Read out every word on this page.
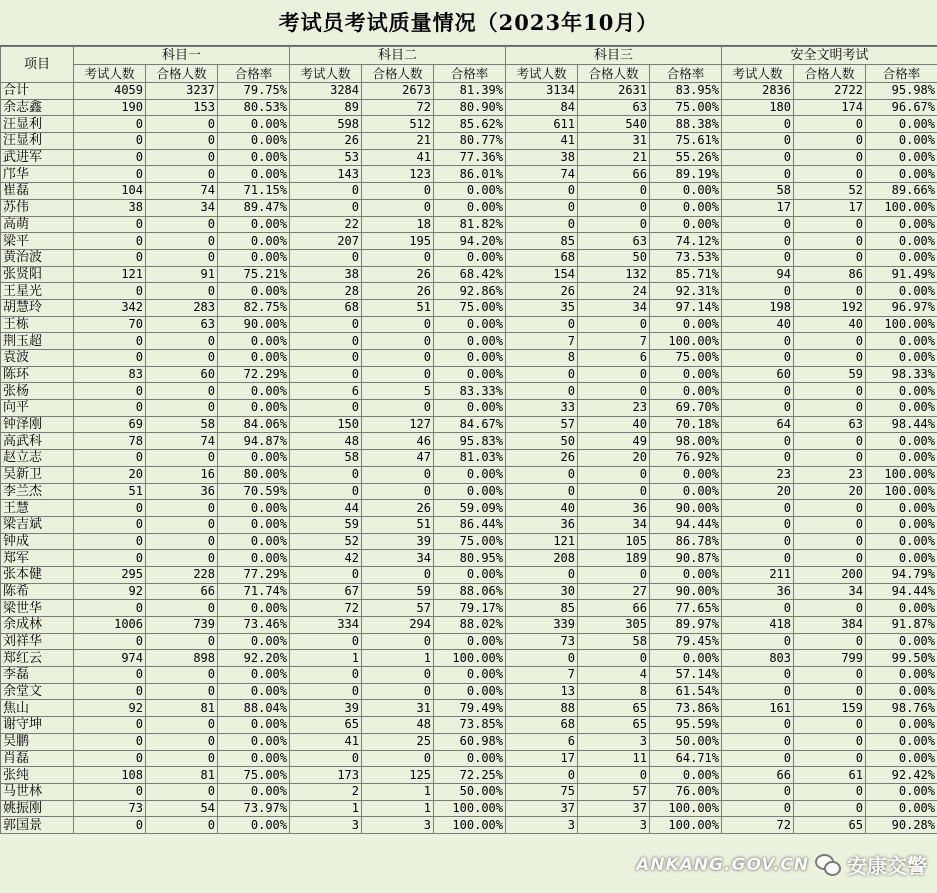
考试员考试质量情况（2023年10月）
项目	科目一			科目二			科目三			安全文明考试		
	考试人数	合格人数	合格率	考试人数	合格人数	合格率	考试人数	合格人数	合格率	考试人数	合格人数	合格率
合计	4059	3237	79.75%	3284	2673	81.39%	3134	2631	83.95%	2836	2722	95.98%
余志鑫	190	153	80.53%	89	72	80.90%	84	63	75.00%	180	174	96.67%
汪显利	0	0	0.00%	598	512	85.62%	611	540	88.38%	0	0	0.00%
汪显利	0	0	0.00%	26	21	80.77%	41	31	75.61%	0	0	0.00%
武进军	0	0	0.00%	53	41	77.36%	38	21	55.26%	0	0	0.00%
邝华	0	0	0.00%	143	123	86.01%	74	66	89.19%	0	0	0.00%
崔磊	104	74	71.15%	0	0	0.00%	0	0	0.00%	58	52	89.66%
苏伟	38	34	89.47%	0	0	0.00%	0	0	0.00%	17	17	100.00%
高萌	0	0	0.00%	22	18	81.82%	0	0	0.00%	0	0	0.00%
梁平	0	0	0.00%	207	195	94.20%	85	63	74.12%	0	0	0.00%
黄治波	0	0	0.00%	0	0	0.00%	68	50	73.53%	0	0	0.00%
张贤阳	121	91	75.21%	38	26	68.42%	154	132	85.71%	94	86	91.49%
王星光	0	0	0.00%	28	26	92.86%	26	24	92.31%	0	0	0.00%
胡慧玲	342	283	82.75%	68	51	75.00%	35	34	97.14%	198	192	96.97%
王栋	70	63	90.00%	0	0	0.00%	0	0	0.00%	40	40	100.00%
荆玉超	0	0	0.00%	0	0	0.00%	7	7	100.00%	0	0	0.00%
袁波	0	0	0.00%	0	0	0.00%	8	6	75.00%	0	0	0.00%
陈环	83	60	72.29%	0	0	0.00%	0	0	0.00%	60	59	98.33%
张杨	0	0	0.00%	6	5	83.33%	0	0	0.00%	0	0	0.00%
向平	0	0	0.00%	0	0	0.00%	33	23	69.70%	0	0	0.00%
钟泽刚	69	58	84.06%	150	127	84.67%	57	40	70.18%	64	63	98.44%
高武科	78	74	94.87%	48	46	95.83%	50	49	98.00%	0	0	0.00%
赵立志	0	0	0.00%	58	47	81.03%	26	20	76.92%	0	0	0.00%
吴新卫	20	16	80.00%	0	0	0.00%	0	0	0.00%	23	23	100.00%
李兰杰	51	36	70.59%	0	0	0.00%	0	0	0.00%	20	20	100.00%
王慧	0	0	0.00%	44	26	59.09%	40	36	90.00%	0	0	0.00%
梁吉斌	0	0	0.00%	59	51	86.44%	36	34	94.44%	0	0	0.00%
钟成	0	0	0.00%	52	39	75.00%	121	105	86.78%	0	0	0.00%
郑军	0	0	0.00%	42	34	80.95%	208	189	90.87%	0	0	0.00%
张本健	295	228	77.29%	0	0	0.00%	0	0	0.00%	211	200	94.79%
陈希	92	66	71.74%	67	59	88.06%	30	27	90.00%	36	34	94.44%
梁世华	0	0	0.00%	72	57	79.17%	85	66	77.65%	0	0	0.00%
余成林	1006	739	73.46%	334	294	88.02%	339	305	89.97%	418	384	91.87%
刘祥华	0	0	0.00%	0	0	0.00%	73	58	79.45%	0	0	0.00%
郑红云	974	898	92.20%	1	1	100.00%	0	0	0.00%	803	799	99.50%
李磊	0	0	0.00%	0	0	0.00%	7	4	57.14%	0	0	0.00%
余堂文	0	0	0.00%	0	0	0.00%	13	8	61.54%	0	0	0.00%
焦山	92	81	88.04%	39	31	79.49%	88	65	73.86%	161	159	98.76%
谢守坤	0	0	0.00%	65	48	73.85%	68	65	95.59%	0	0	0.00%
吴鹏	0	0	0.00%	41	25	60.98%	6	3	50.00%	0	0	0.00%
肖磊	0	0	0.00%	0	0	0.00%	17	11	64.71%	0	0	0.00%
张纯	108	81	75.00%	173	125	72.25%	0	0	0.00%	66	61	92.42%
马世林	0	0	0.00%	2	1	50.00%	75	57	76.00%	0	0	0.00%
姚振刚	73	54	73.97%	1	1	100.00%	37	37	100.00%	0	0	0.00%
郭国景	0	0	0.00%	3	3	100.00%	3	3	100.00%	72	65	90.28%
ANKANG.GOV.CN 安康交警
